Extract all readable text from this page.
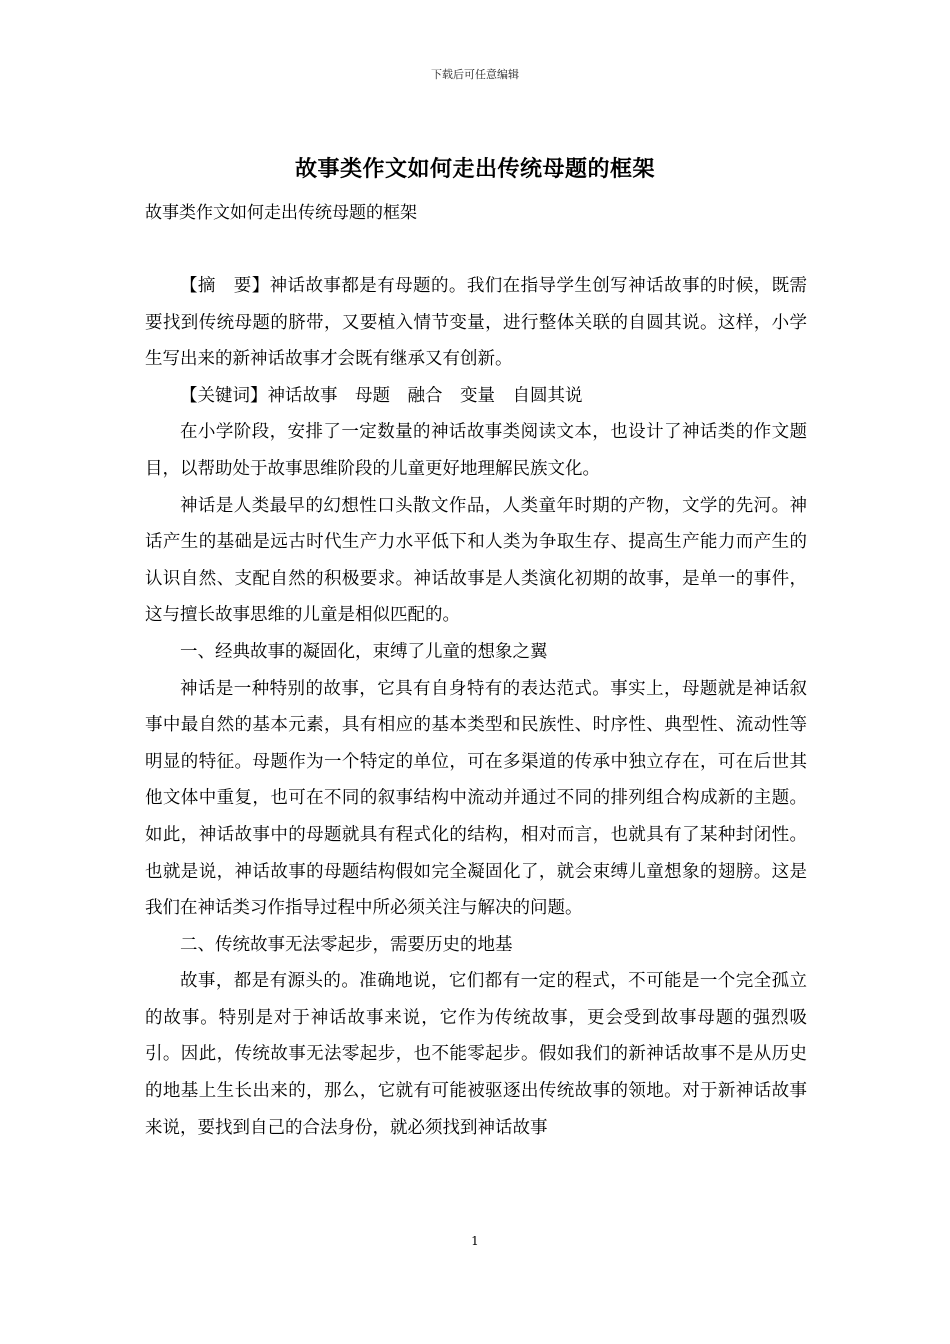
下载后可任意编辑
故事类作文如何走出传统母题的框架
故事类作文如何走出传统母题的框架

【摘　要】神话故事都是有母题的。我们在指导学生创写神话故事的时候，既需要找到传统母题的脐带，又要植入情节变量，进行整体关联的自圆其说。这样，小学生写出来的新神话故事才会既有继承又有创新。

【关键词】神话故事　母题　融合　变量　自圆其说

在小学阶段，安排了一定数量的神话故事类阅读文本，也设计了神话类的作文题目，以帮助处于故事思维阶段的儿童更好地理解民族文化。

神话是人类最早的幻想性口头散文作品，人类童年时期的产物，文学的先河。神话产生的基础是远古时代生产力水平低下和人类为争取生存、提高生产能力而产生的认识自然、支配自然的积极要求。神话故事是人类演化初期的故事，是单一的事件，这与擅长故事思维的儿童是相似匹配的。

一、经典故事的凝固化，束缚了儿童的想象之翼

神话是一种特别的故事，它具有自身特有的表达范式。事实上，母题就是神话叙事中最自然的基本元素，具有相应的基本类型和民族性、时序性、典型性、流动性等明显的特征。母题作为一个特定的单位，可在多渠道的传承中独立存在，可在后世其他文体中重复，也可在不同的叙事结构中流动并通过不同的排列组合构成新的主题。如此，神话故事中的母题就具有程式化的结构，相对而言，也就具有了某种封闭性。也就是说，神话故事的母题结构假如完全凝固化了，就会束缚儿童想象的翅膀。这是我们在神话类习作指导过程中所必须关注与解决的问题。

二、传统故事无法零起步，需要历史的地基

故事，都是有源头的。准确地说，它们都有一定的程式，不可能是一个完全孤立的故事。特别是对于神话故事来说，它作为传统故事，更会受到故事母题的强烈吸引。因此，传统故事无法零起步，也不能零起步。假如我们的新神话故事不是从历史的地基上生长出来的，那么，它就有可能被驱逐出传统故事的领地。对于新神话故事来说，要找到自己的合法身份，就必须找到神话故事

1
